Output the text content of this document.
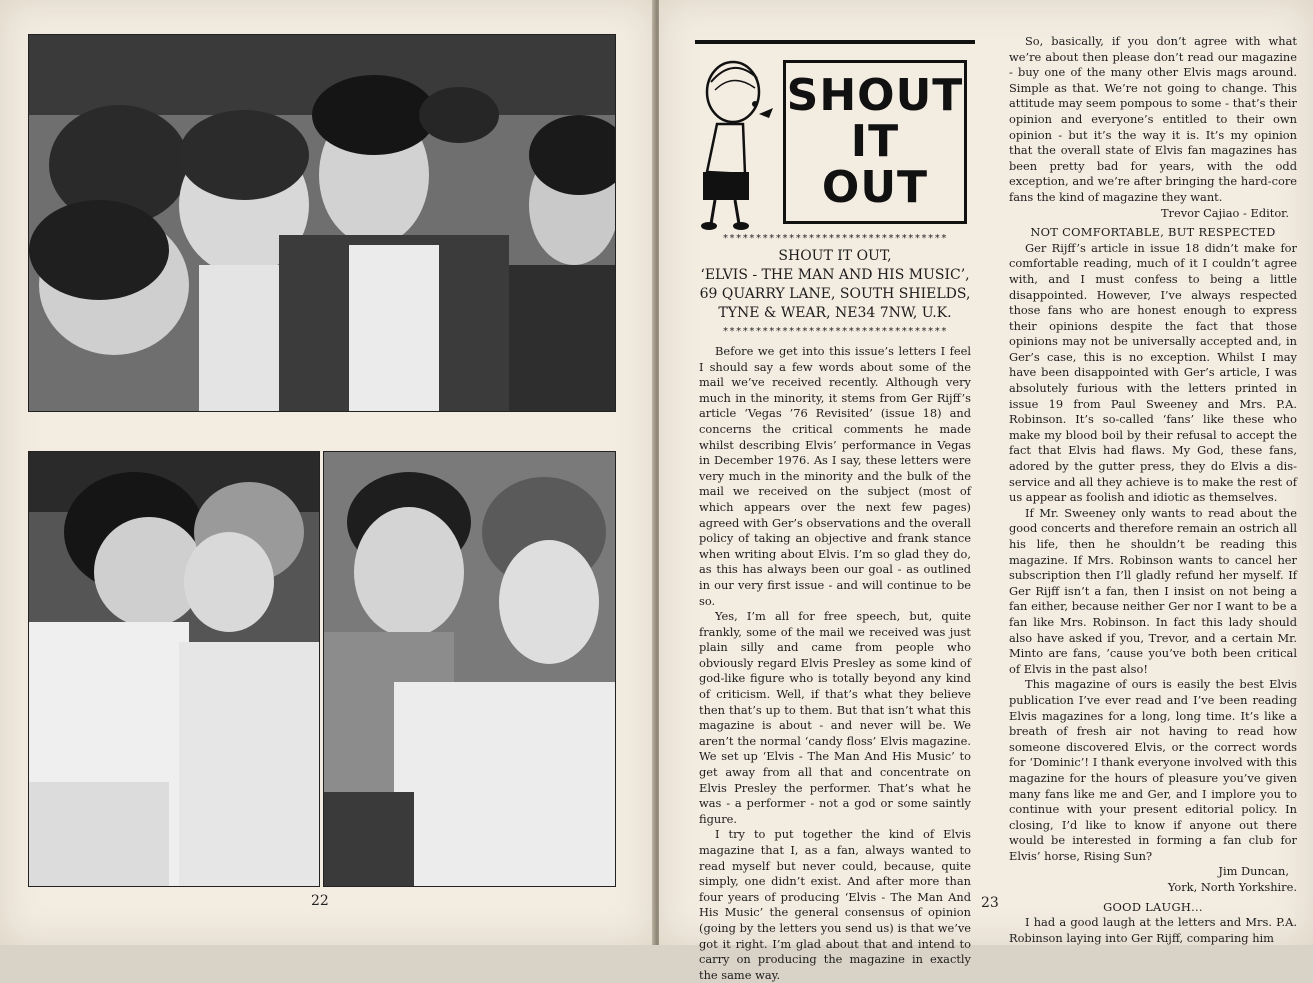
22
SHOUT
IT
OUT
**********************************
SHOUT IT OUT,
‘ELVIS - THE MAN AND HIS MUSIC’,
69 QUARRY LANE, SOUTH SHIELDS,
TYNE & WEAR, NE34 7NW, U.K.
**********************************

Before we get into this issue’s letters I feel I should say a few words about some of the mail we’ve received recently. Although very much in the minority, it stems from Ger Rijff’s article ‘Vegas ’76 Revisited’ (issue 18) and concerns the critical comments he made whilst describing Elvis’ performance in Vegas in December 1976. As I say, these letters were very much in the minority and the bulk of the mail we received on the subject (most of which appears over the next few pages) agreed with Ger’s observations and the overall policy of taking an objective and frank stance when writing about Elvis. I’m so glad they do, as this has always been our goal - as outlined in our very first issue - and will continue to be so.

Yes, I’m all for free speech, but, quite frankly, some of the mail we received was just plain silly and came from people who obviously regard Elvis Presley as some kind of god-like figure who is totally beyond any kind of criticism. Well, if that’s what they believe then that’s up to them. But that isn’t what this magazine is about - and never will be. We aren’t the normal ‘candy floss’ Elvis magazine. We set up ‘Elvis - The Man And His Music’ to get away from all that and concentrate on Elvis Presley the performer. That’s what he was - a performer - not a god or some saintly figure.

I try to put together the kind of Elvis magazine that I, as a fan, always wanted to read myself but never could, because, quite simply, one didn’t exist. And after more than four years of producing ‘Elvis - The Man And His Music’ the general consensus of opinion (going by the letters you send us) is that we’ve got it right. I’m glad about that and intend to carry on producing the magazine in exactly the same way.

So, basically, if you don’t agree with what we’re about then please don’t read our magazine - buy one of the many other Elvis mags around. Simple as that. We’re not going to change. This attitude may seem pompous to some - that’s their opinion and everyone’s entitled to their own opinion - but it’s the way it is. It’s my opinion that the overall state of Elvis fan magazines has been pretty bad for years, with the odd exception, and we’re after bringing the hard-core fans the kind of magazine they want.

Trevor Cajiao - Editor.
NOT COMFORTABLE, BUT RESPECTED

Ger Rijff’s article in issue 18 didn’t make for comfortable reading, much of it I couldn’t agree with, and I must confess to being a little disappointed. However, I’ve always respected those fans who are honest enough to express their opinions despite the fact that those opinions may not be universally accepted and, in Ger’s case, this is no exception. Whilst I may have been disappointed with Ger’s article, I was absolutely furious with the letters printed in issue 19 from Paul Sweeney and Mrs. P.A. Robinson. It’s so-called ‘fans’ like these who make my blood boil by their refusal to accept the fact that Elvis had flaws. My God, these fans, adored by the gutter press, they do Elvis a dis-service and all they achieve is to make the rest of us appear as foolish and idiotic as themselves.

If Mr. Sweeney only wants to read about the good concerts and therefore remain an ostrich all his life, then he shouldn’t be reading this magazine. If Mrs. Robinson wants to cancel her subscription then I’ll gladly refund her myself. If Ger Rijff isn’t a fan, then I insist on not being a fan either, because neither Ger nor I want to be a fan like Mrs. Robinson. In fact this lady should also have asked if you, Trevor, and a certain Mr. Minto are fans, ’cause you’ve both been critical of Elvis in the past also!

This magazine of ours is easily the best Elvis publication I’ve ever read and I’ve been reading Elvis magazines for a long, long time. It’s like a breath of fresh air not having to read how someone discovered Elvis, or the correct words for ‘Dominic’! I thank everyone involved with this magazine for the hours of pleasure you’ve given many fans like me and Ger, and I implore you to continue with your present editorial policy. In closing, I’d like to know if anyone out there would be interested in forming a fan club for Elvis’ horse, Rising Sun?

Jim Duncan,
York, North Yorkshire.
GOOD LAUGH...

I had a good laugh at the letters and Mrs. P.A. Robinson laying into Ger Rijff, comparing him

23
